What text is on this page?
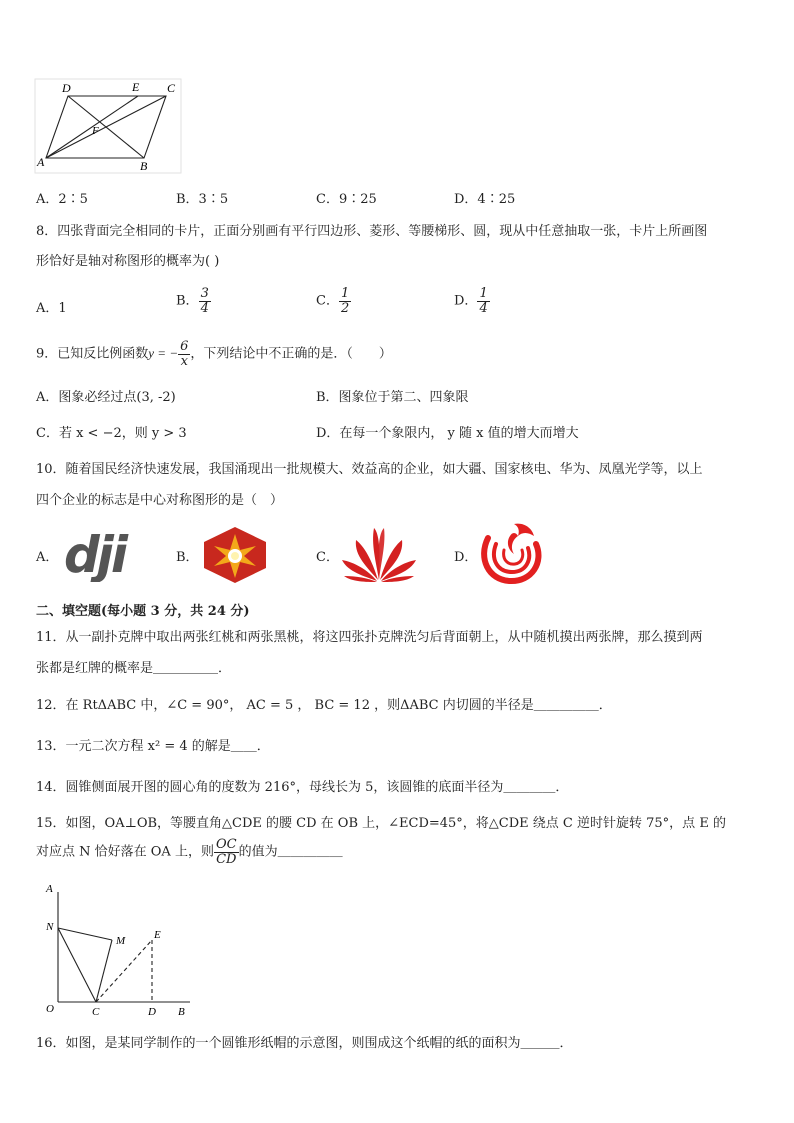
D	E C
F
A	B
A．2∶5	B．3∶5	C．9∶25	D．4∶25
8．四张背面完全相同的卡片，正面分别画有平行四边形、菱形、等腰梯形、圆，现从中任意抽取一张，卡片上所画图
形恰好是轴对称图形的概率为( )
A．1	B． $\frac{3}{4}$	C． $\frac{1}{2}$	D． $\frac{1}{4}$
9．已知反比例函数y = − $\frac{6}{x}$ ，下列结论中不正确的是．（　　）
A．图象必经过点(3, -2)	B．图象位于第二、四象限
C．若 x < −2，则 y > 3	D．在每一个象限内， y 随 x 值的增大而增大
10．随着国民经济快速发展，我国涌现出一批规模大、效益高的企业，如大疆、国家核电、华为、凤凰光学等，以上
四个企业的标志是中心对称图形的是（　）
A． dji	B．	C．	D．
二、填空题(每小题 3 分，共 24 分)
11．从一副扑克牌中取出两张红桃和两张黑桃，将这四张扑克牌洗匀后背面朝上，从中随机摸出两张牌，那么摸到两
张都是红牌的概率是＿＿＿＿＿．
12．在 RtΔABC 中，∠C = 90°， AC = 5 ， BC = 12 ，则ΔABC 内切圆的半径是＿＿＿＿＿．
13．一元二次方程 x² = 4 的解是＿＿．
14．圆锥侧面展开图的圆心角的度数为 216°，母线长为 5，该圆锥的底面半径为＿＿＿＿．
15．如图，OA⊥OB，等腰直角△CDE 的腰 CD 在 OB 上，∠ECD=45°，将△CDE 绕点 C 逆时针旋转 75°，点 E 的
对应点 N 恰好落在 OA 上，则 $\frac{OC}{CD}$ 的值为＿＿＿＿＿
A
N
M	E
O	C	D B
16．如图，是某同学制作的一个圆锥形纸帽的示意图，则围成这个纸帽的纸的面积为＿＿＿．
